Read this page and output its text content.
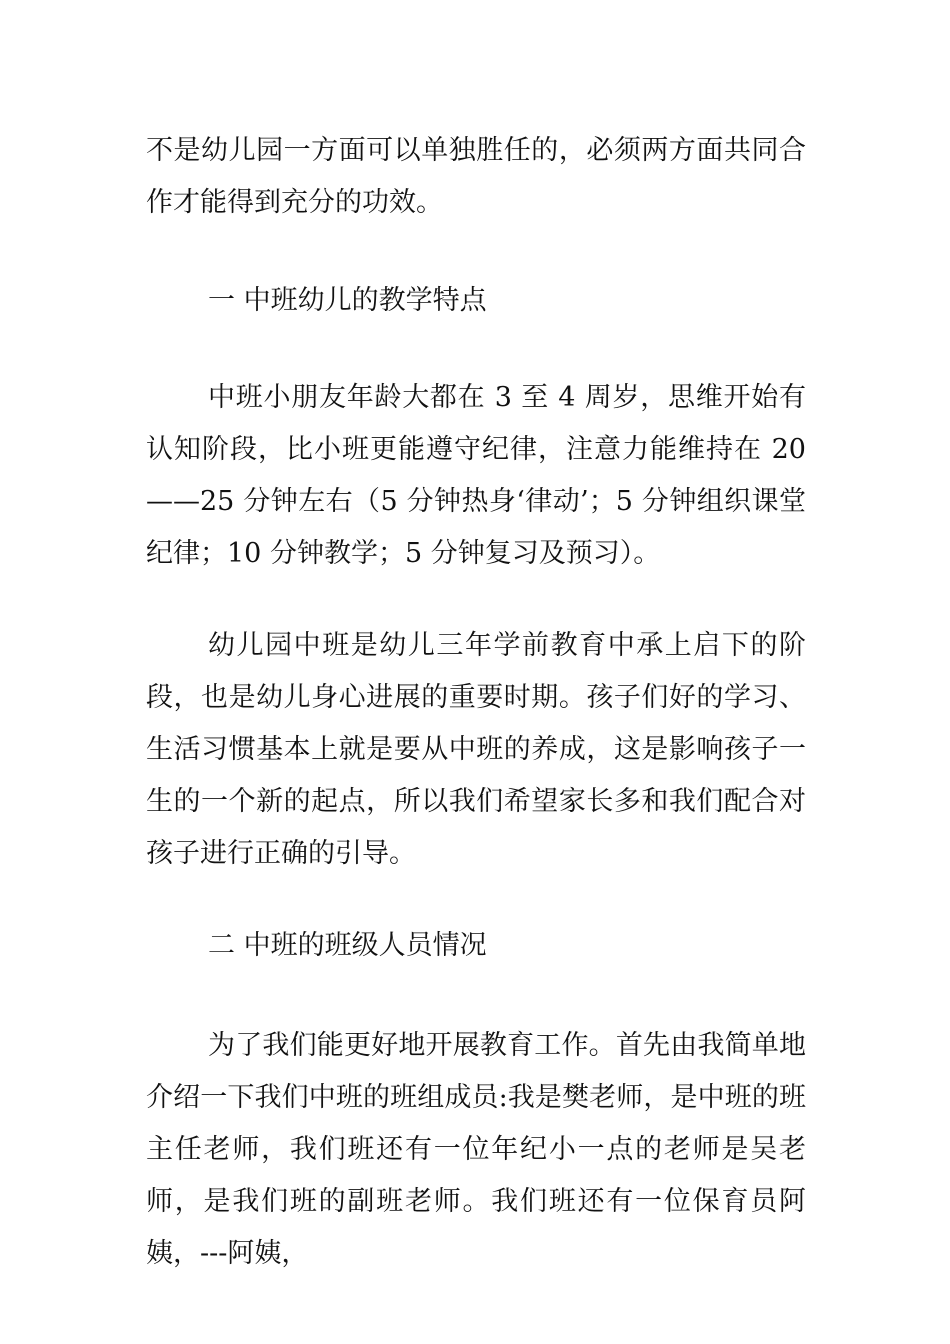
不是幼儿园一方面可以单独胜任的，必须两方面共同合作才能得到充分的功效。

一 中班幼儿的教学特点

中班小朋友年龄大都在 3 至 4 周岁，思维开始有认知阶段，比小班更能遵守纪律，注意力能维持在 20——25 分钟左右（5 分钟热身‘律动’；5 分钟组织课堂纪律；10 分钟教学；5 分钟复习及预习）。

幼儿园中班是幼儿三年学前教育中承上启下的阶段，也是幼儿身心进展的重要时期。孩子们好的学习、生活习惯基本上就是要从中班的养成，这是影响孩子一生的一个新的起点，所以我们希望家长多和我们配合对孩子进行正确的引导。

二 中班的班级人员情况

为了我们能更好地开展教育工作。首先由我简单地介绍一下我们中班的班组成员:我是樊老师，是中班的班主任老师，我们班还有一位年纪小一点的老师是吴老师，是我们班的副班老师。我们班还有一位保育员阿姨，---阿姨，
